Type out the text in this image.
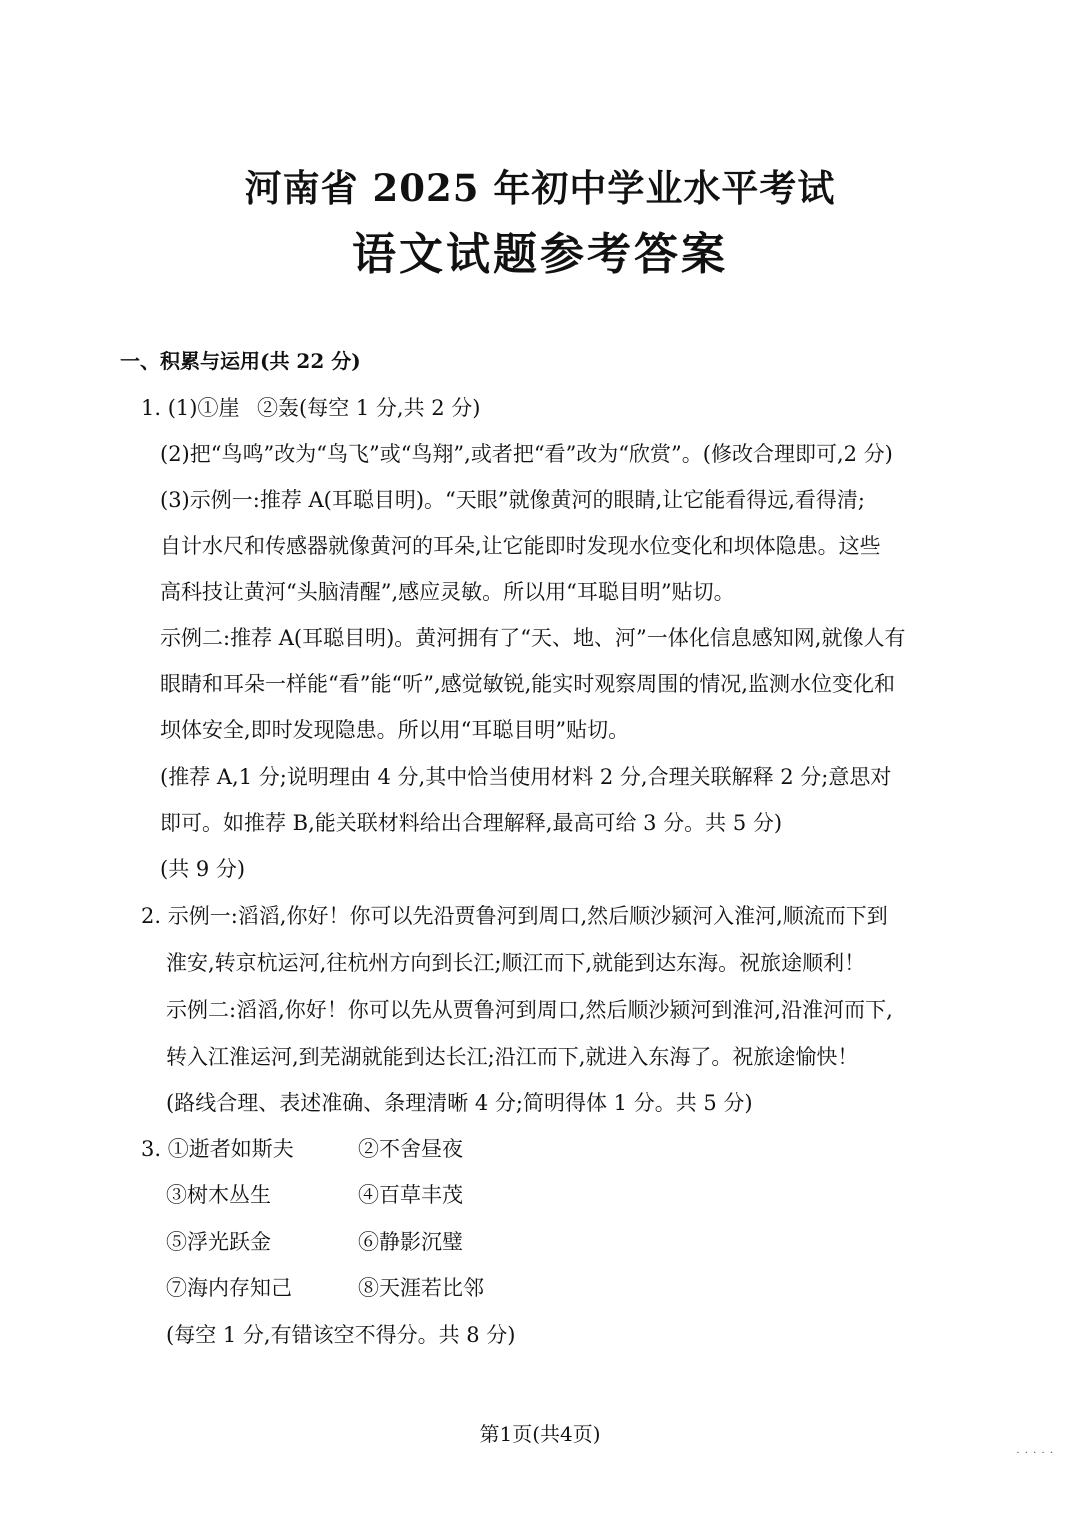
河南省 2025 年初中学业水平考试
语文试题参考答案
一、积累与运用(共 22 分)
1. (1)①崖 ②轰(每空 1 分,共 2 分)
(2)把“鸟鸣”改为“鸟飞”或“鸟翔”,或者把“看”改为“欣赏”。(修改合理即可,2 分)
(3)示例一:推荐 A(耳聪目明)。“天眼”就像黄河的眼睛,让它能看得远,看得清;
自计水尺和传感器就像黄河的耳朵,让它能即时发现水位变化和坝体隐患。这些
高科技让黄河“头脑清醒”,感应灵敏。所以用“耳聪目明”贴切。
示例二:推荐 A(耳聪目明)。黄河拥有了“天、地、河”一体化信息感知网,就像人有
眼睛和耳朵一样能“看”能“听”,感觉敏锐,能实时观察周围的情况,监测水位变化和
坝体安全,即时发现隐患。所以用“耳聪目明”贴切。
(推荐 A,1 分;说明理由 4 分,其中恰当使用材料 2 分,合理关联解释 2 分;意思对
即可。如推荐 B,能关联材料给出合理解释,最高可给 3 分。共 5 分)
(共 9 分)
2. 示例一:滔滔,你好！你可以先沿贾鲁河到周口,然后顺沙颍河入淮河,顺流而下到
淮安,转京杭运河,往杭州方向到长江;顺江而下,就能到达东海。祝旅途顺利！
示例二:滔滔,你好！你可以先从贾鲁河到周口,然后顺沙颍河到淮河,沿淮河而下,
转入江淮运河,到芜湖就能到达长江;沿江而下,就进入东海了。祝旅途愉快！
(路线合理、表述准确、条理清晰 4 分;简明得体 1 分。共 5 分)
3. ①逝者如斯夫	②不舍昼夜
③树木丛生	④百草丰茂
⑤浮光跃金	⑥静影沉璧
⑦海内存知己	⑧天涯若比邻
(每空 1 分,有错该空不得分。共 8 分)
第1页(共4页)
· · · · ·
